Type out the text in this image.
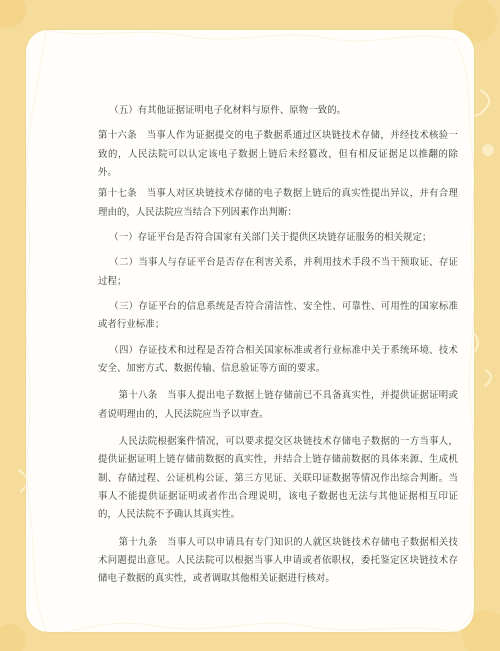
（五）有其他证据证明电子化材料与原件、原物一致的。

第十六条　当事人作为证据提交的电子数据系通过区块链技术存储，并经技术核验一致的，人民法院可以认定该电子数据上链后未经篡改，但有相反证据足以推翻的除外。

第十七条　当事人对区块链技术存储的电子数据上链后的真实性提出异议，并有合理理由的，人民法院应当结合下列因素作出判断：

（一）存证平台是否符合国家有关部门关于提供区块链存证服务的相关规定；

（二）当事人与存证平台是否存在利害关系，并利用技术手段不当干预取证、存证过程；

（三）存证平台的信息系统是否符合清洁性、安全性、可靠性、可用性的国家标准或者行业标准；

（四）存证技术和过程是否符合相关国家标准或者行业标准中关于系统环境、技术安全、加密方式、数据传输、信息验证等方面的要求。

第十八条　当事人提出电子数据上链存储前已不具备真实性，并提供证据证明或者说明理由的，人民法院应当予以审查。

人民法院根据案件情况，可以要求提交区块链技术存储电子数据的一方当事人，提供证据证明上链存储前数据的真实性，并结合上链存储前数据的具体来源、生成机制、存储过程、公证机构公证、第三方见证、关联印证数据等情况作出综合判断。当事人不能提供证据证明或者作出合理说明，该电子数据也无法与其他证据相互印证的，人民法院不予确认其真实性。

第十九条　当事人可以申请具有专门知识的人就区块链技术存储电子数据相关技术问题提出意见。人民法院可以根据当事人申请或者依职权，委托鉴定区块链技术存储电子数据的真实性，或者调取其他相关证据进行核对。
